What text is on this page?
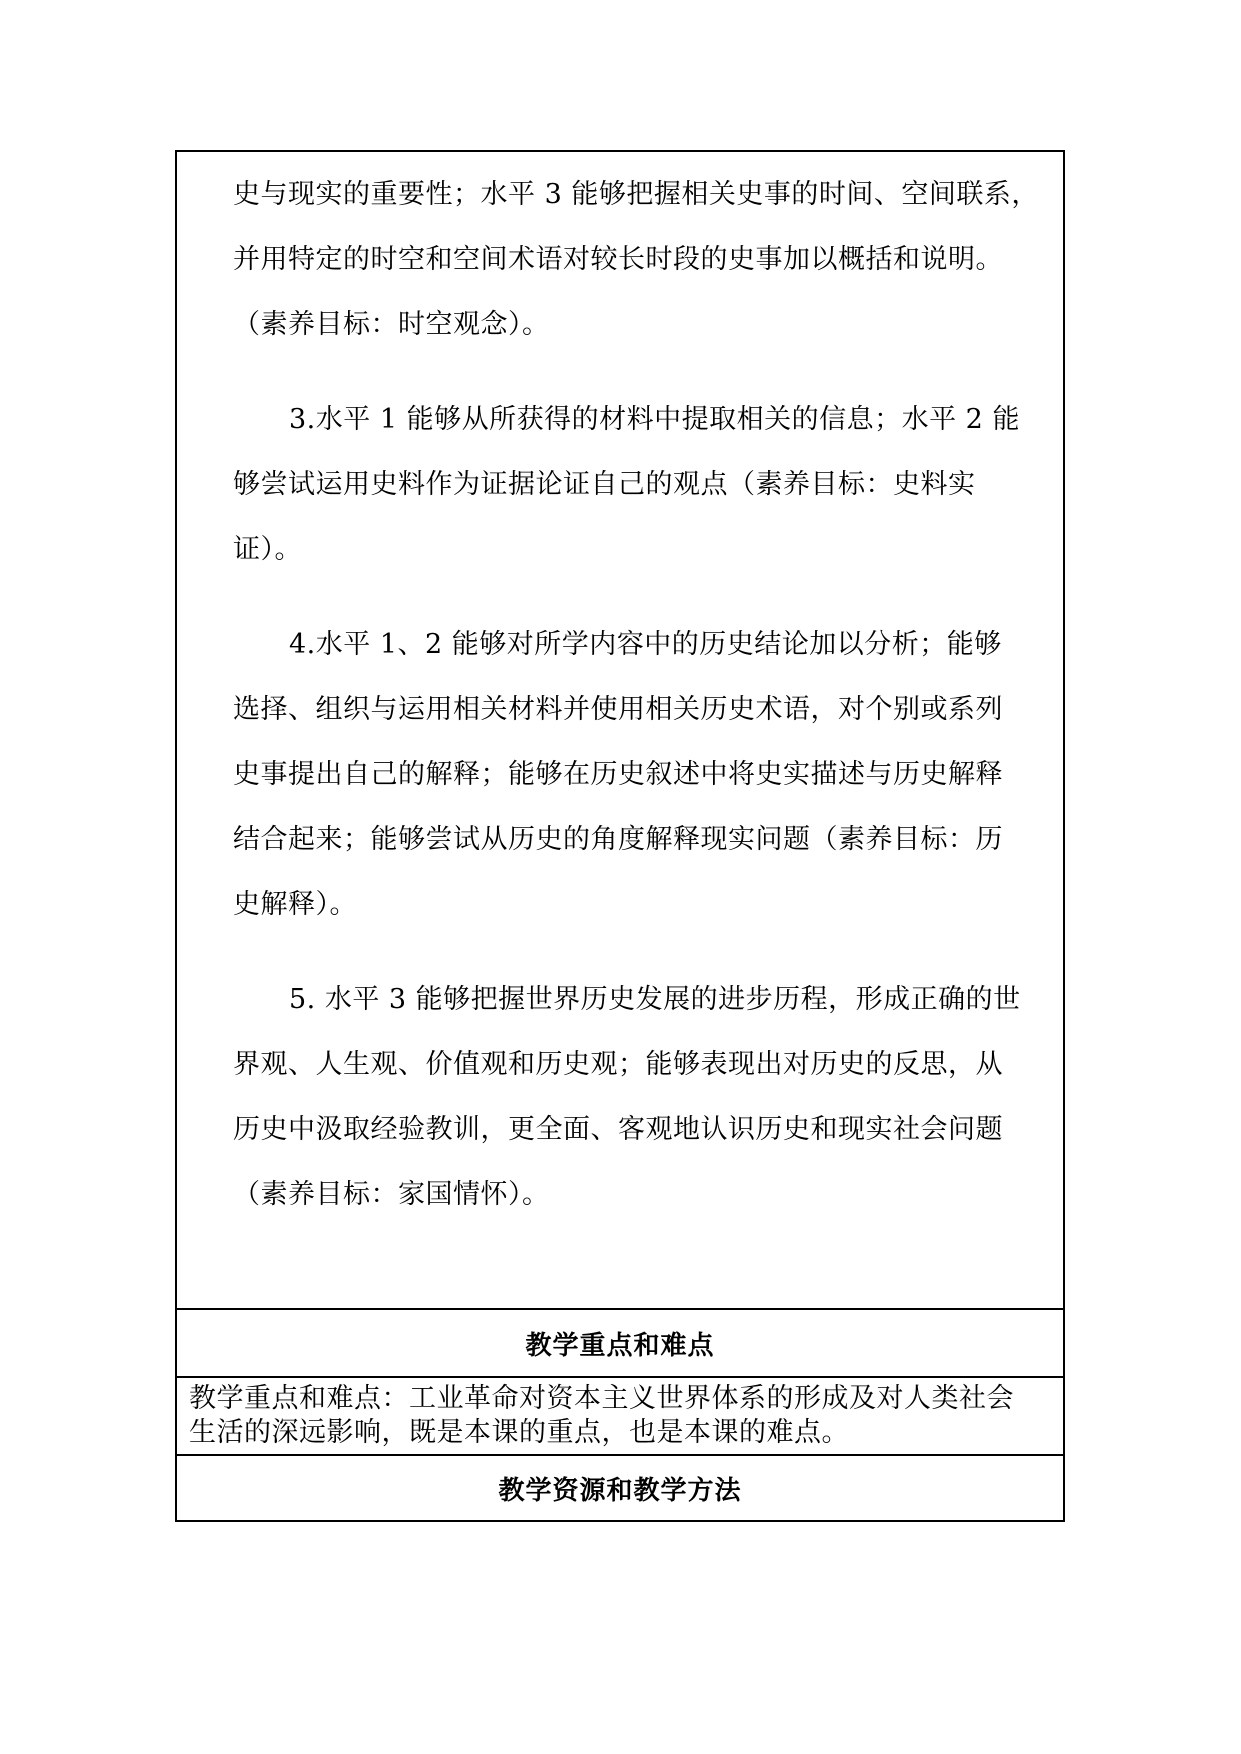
史与现实的重要性；水平 3 能够把握相关史事的时间、空间联系，
并用特定的时空和空间术语对较长时段的史事加以概括和说明。
（素养目标：时空观念）。
3.水平 1 能够从所获得的材料中提取相关的信息；水平 2 能
够尝试运用史料作为证据论证自己的观点（素养目标：史料实
证）。
4.水平 1、2 能够对所学内容中的历史结论加以分析；能够
选择、组织与运用相关材料并使用相关历史术语，对个别或系列
史事提出自己的解释；能够在历史叙述中将史实描述与历史解释
结合起来；能够尝试从历史的角度解释现实问题（素养目标：历
史解释）。
5. 水平 3 能够把握世界历史发展的进步历程，形成正确的世
界观、人生观、价值观和历史观；能够表现出对历史的反思，从
历史中汲取经验教训，更全面、客观地认识历史和现实社会问题
（素养目标：家国情怀）。
教学重点和难点
教学重点和难点：工业革命对资本主义世界体系的形成及对人类社会
生活的深远影响，既是本课的重点，也是本课的难点。
教学资源和教学方法
